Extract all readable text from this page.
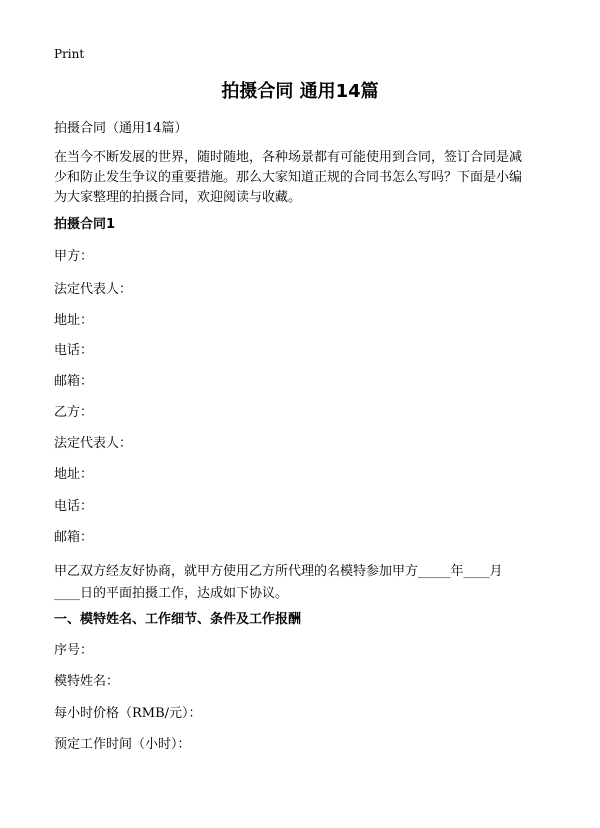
Print
拍摄合同 通用14篇
拍摄合同（通用14篇）
在当今不断发展的世界，随时随地，各种场景都有可能使用到合同，签订合同是减
少和防止发生争议的重要措施。那么大家知道正规的合同书怎么写吗？下面是小编
为大家整理的拍摄合同，欢迎阅读与收藏。
拍摄合同1
甲方：
法定代表人：
地址：
电话：
邮箱：
乙方：
法定代表人：
地址：
电话：
邮箱：
甲乙双方经友好协商，就甲方使用乙方所代理的名模特参加甲方_____年____月
____日的平面拍摄工作，达成如下协议。
一、模特姓名、工作细节、条件及工作报酬
序号：
模特姓名：
每小时价格（RMB/元）：
预定工作时间（小时）：
